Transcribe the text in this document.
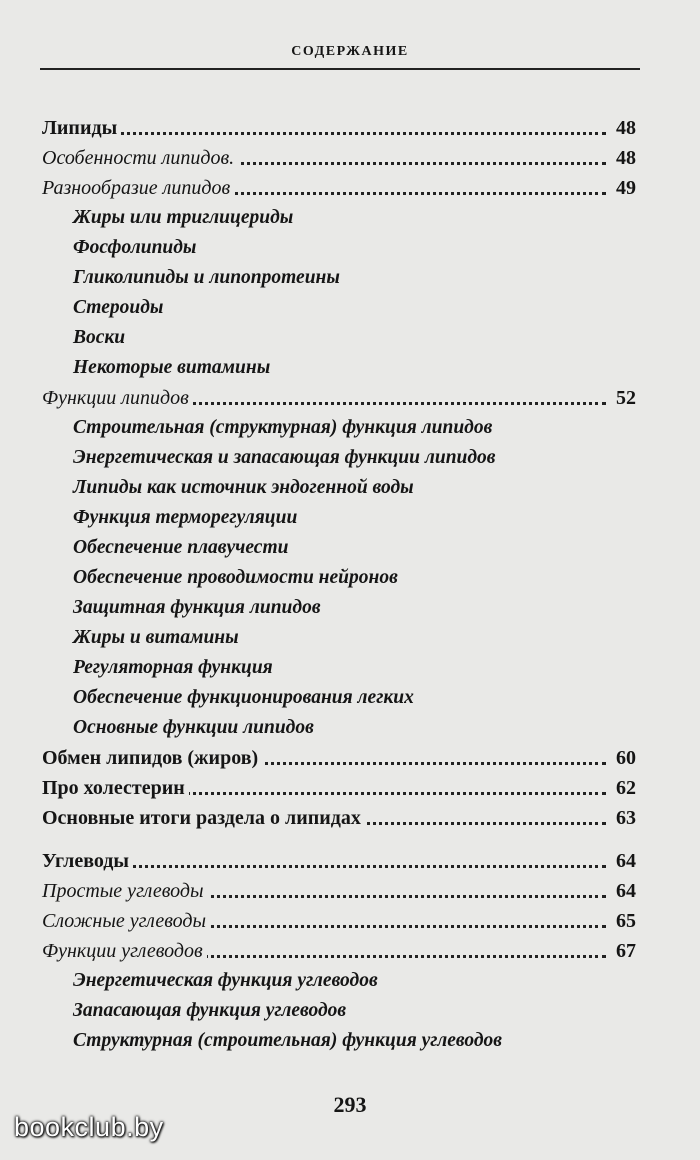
СОДЕРЖАНИЕ
Липиды	48
Особенности липидов.	48
Разнообразие липидов	49
Жиры или триглицериды
Фосфолипиды
Гликолипиды и липопротеины
Стероиды
Воски
Некоторые витамины
Функции липидов	52
Строительная (структурная) функция липидов
Энергетическая и запасающая функции липидов
Липиды как источник эндогенной воды
Функция терморегуляции
Обеспечение плавучести
Обеспечение проводимости нейронов
Защитная функция липидов
Жиры и витамины
Регуляторная функция
Обеспечение функционирования легких
Основные функции липидов
Обмен липидов (жиров)	60
Про холестерин	62
Основные итоги раздела о липидах	63
Углеводы	64
Простые углеводы	64
Сложные углеводы	65
Функции углеводов	67
Энергетическая функция углеводов
Запасающая функция углеводов
Структурная (строительная) функция углеводов
293
bookclub.by
